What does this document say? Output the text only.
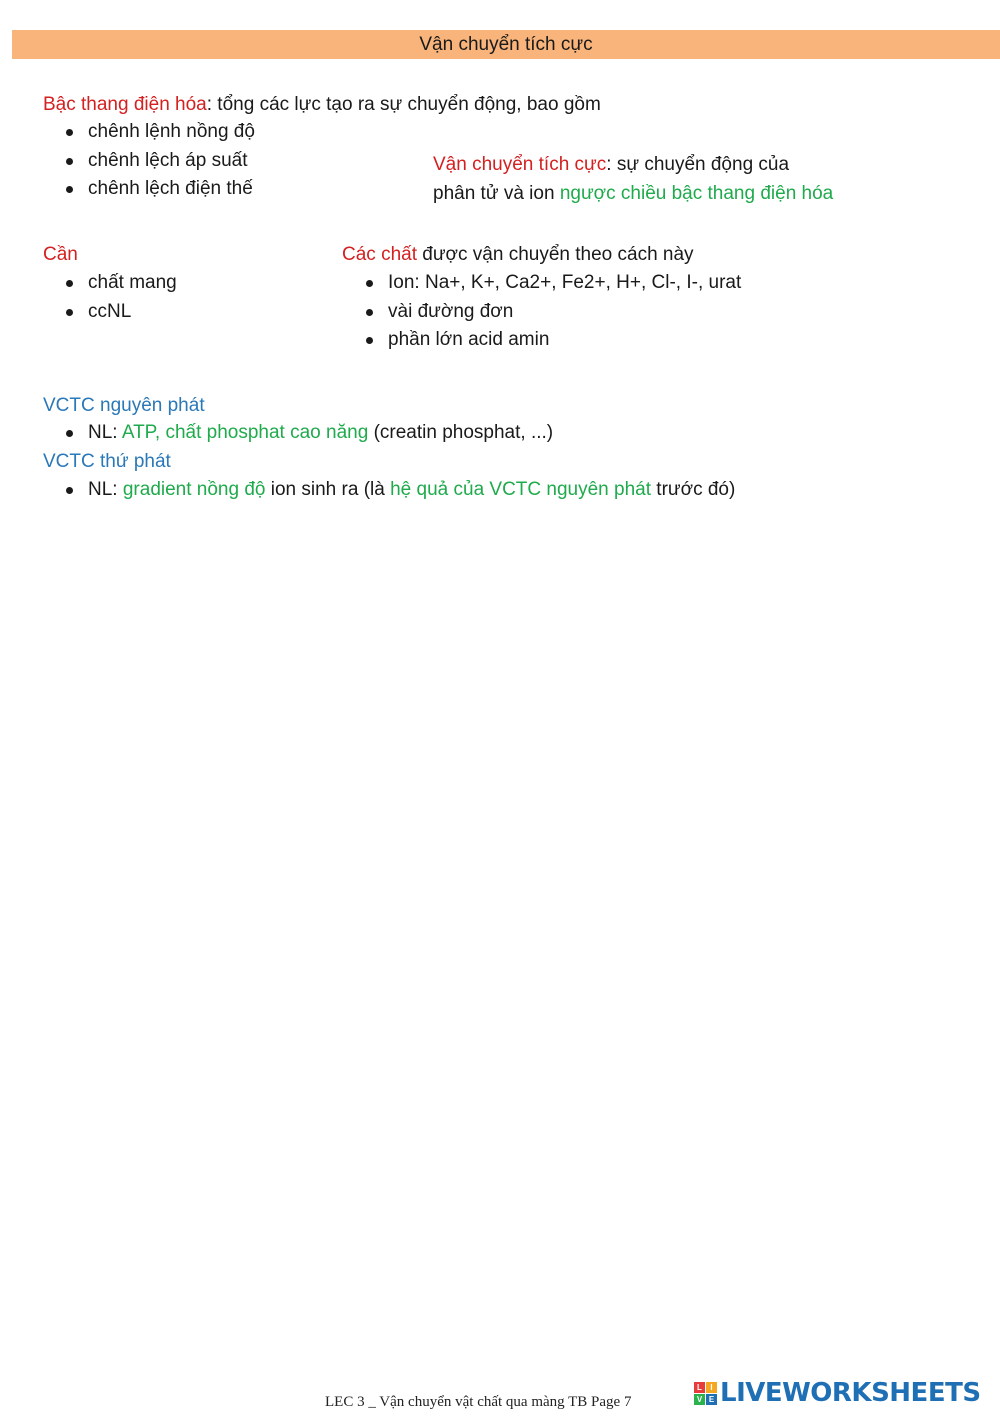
Vận chuyển tích cực
Bậc thang điện hóa: tổng các lực tạo ra sự chuyển động, bao gồm
chênh lệnh nồng độ
chênh lệch áp suất
chênh lệch điện thế
Vận chuyển tích cực: sự chuyển động của
phân tử và ion ngược chiều bậc thang điện hóa
Cần
chất mang
ccNL
Các chất được vận chuyển theo cách này
Ion: Na+, K+, Ca2+, Fe2+, H+, Cl-, I-, urat
vài đường đơn
phần lớn acid amin
VCTC nguyên phát
NL: ATP, chất phosphat cao năng (creatin phosphat, ...)
VCTC thứ phát
NL: gradient nồng độ ion sinh ra (là hệ quả của VCTC nguyên phát trước đó)
LEC 3 _ Vận chuyển vật chất qua màng TB Page 7
L	I
V E LIVEWORKSHEETS
